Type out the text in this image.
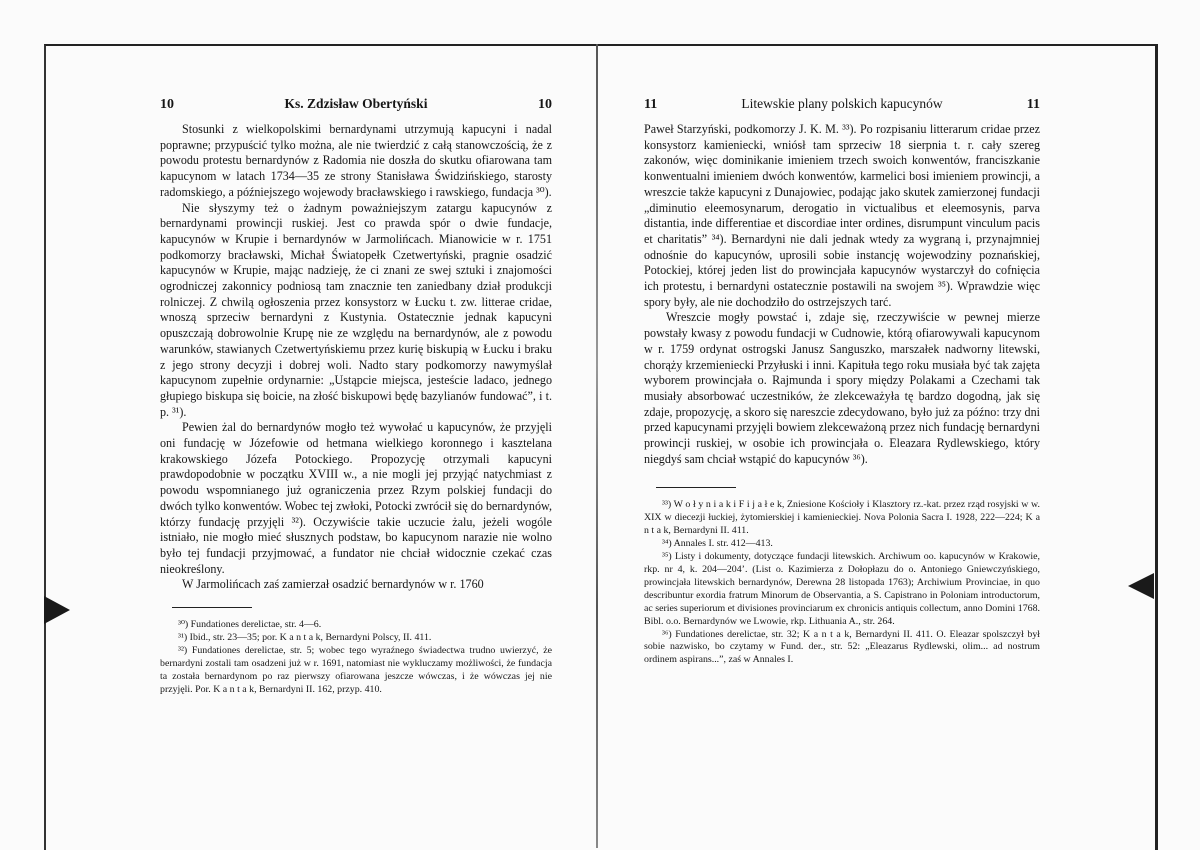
10	Ks. Zdzisław Obertyński	10

Stosunki z wielkopolskimi bernardynami utrzymują kapucyni i nadal poprawne; przypuścić tylko można, ale nie twierdzić z całą stanowczością, że z powodu protestu bernardynów z Radomia nie doszła do skutku ofiarowana tam kapucynom w latach 1734—35 ze strony Stanisława Świdzińskiego, starosty radomskiego, a późniejszego wojewody bracławskiego i rawskiego, fundacja ³⁰).

Nie słyszymy też o żadnym poważniejszym zatargu kapucynów z bernardynami prowincji ruskiej. Jest co prawda spór o dwie fundacje, kapucynów w Krupie i bernardynów w Jarmolińcach. Mianowicie w r. 1751 podkomorzy bracławski, Michał Światopełk Czetwertyński, pragnie osadzić kapucynów w Krupie, mając nadzieję, że ci znani ze swej sztuki i znajomości ogrodniczej zakonnicy podniosą tam znacznie ten zaniedbany dział produkcji rolniczej. Z chwilą ogłoszenia przez konsystorz w Łucku t. zw. litterae cridae, wnoszą sprzeciw bernardyni z Kustynia. Ostatecznie jednak kapucyni opuszczają dobrowolnie Krupę nie ze względu na bernardynów, ale z powodu warunków, stawianych Czetwertyńskiemu przez kurię biskupią w Łucku i braku z jego strony decyzji i dobrej woli. Nadto stary podkomorzy nawymyślał kapucynom zupełnie ordynarnie: „Ustąpcie miejsca, jesteście ladaco, jednego głupiego biskupa się boicie, na złość biskupowi będę bazylianów fundować”, i t. p. ³¹).

Pewien żal do bernardynów mogło też wywołać u kapucynów, że przyjęli oni fundację w Józefowie od hetmana wielkiego koronnego i kasztelana krakowskiego Józefa Potockiego. Propozycję otrzymali kapucyni prawdopodobnie w początku XVIII w., a nie mogli jej przyjąć natychmiast z powodu wspomnianego już ograniczenia przez Rzym polskiej fundacji do dwóch tylko konwentów. Wobec tej zwłoki, Potocki zwrócił się do bernardynów, którzy fundację przyjęli ³²). Oczywiście takie uczucie żalu, jeżeli wogóle istniało, nie mogło mieć słusznych podstaw, bo kapucynom narazie nie wolno było tej fundacji przyjmować, a fundator nie chciał widocznie czekać czas nieokreślony.

W Jarmolińcach zaś zamierzał osadzić bernardynów w r. 1760

³⁰) Fundationes derelictae, str. 4—6.

³¹) Ibid., str. 23—35; por. K a n t a k, Bernardyni Polscy, II. 411.

³²) Fundationes derelictae, str. 5; wobec tego wyraźnego świadectwa trudno uwierzyć, że bernardyni zostali tam osadzeni już w r. 1691, natomiast nie wykluczamy możliwości, że fundacja ta została bernardynom po raz pierwszy ofiarowana jeszcze wówczas, i że wówczas jej nie przyjęli. Por. K a n t a k, Bernardyni II. 162, przyp. 410.

11	Litewskie plany polskich kapucynów	11

Paweł Starzyński, podkomorzy J. K. M. ³³). Po rozpisaniu litterarum cridae przez konsystorz kamieniecki, wniósł tam sprzeciw 18 sierpnia t. r. cały szereg zakonów, więc dominikanie imieniem trzech swoich konwentów, franciszkanie konwentualni imieniem dwóch konwentów, karmelici bosi imieniem prowincji, a wreszcie także kapucyni z Dunajowiec, podając jako skutek zamierzonej fundacji „diminutio eleemosynarum, derogatio in victualibus et eleemosynis, parva distantia, inde differentiae et discordiae inter ordines, disrumpunt vinculum pacis et charitatis” ³⁴). Bernardyni nie dali jednak wtedy za wygraną i, przynajmniej odnośnie do kapucynów, uprosili sobie instancję wojewodziny poznańskiej, Potockiej, której jeden list do prowincjała kapucynów wystarczył do cofnięcia ich protestu, i bernardyni ostatecznie postawili na swojem ³⁵). Wprawdzie więc spory były, ale nie dochodziło do ostrzejszych tarć.

Wreszcie mogły powstać i, zdaje się, rzeczywiście w pewnej mierze powstały kwasy z powodu fundacji w Cudnowie, którą ofiarowywali kapucynom w r. 1759 ordynat ostrogski Janusz Sanguszko, marszałek nadworny litewski, chorąży krzemieniecki Przyłuski i inni. Kapituła tego roku musiała być tak zajęta wyborem prowincjała o. Rajmunda i spory między Polakami a Czechami tak musiały absorbować uczestników, że zlekceważyła tę bardzo dogodną, jak się zdaje, propozycję, a skoro się nareszcie zdecydowano, było już za późno: trzy dni przed kapucynami przyjęli bowiem zlekceważoną przez nich fundację bernardyni prowincji ruskiej, w osobie ich prowincjała o. Eleazara Rydlewskiego, który niegdyś sam chciał wstąpić do kapucynów ³⁶).

³³) W o ł y n i a k i F i j a ł e k, Zniesione Kościoły i Klasztory rz.-kat. przez rząd rosyjski w w. XIX w diecezji łuckiej, żytomierskiej i kamienieckiej. Nova Polonia Sacra I. 1928, 222—224; K a n t a k, Bernardyni II. 411.

³⁴) Annales I. str. 412—413.

³⁵) Listy i dokumenty, dotyczące fundacji litewskich. Archiwum oo. kapucynów w Krakowie, rkp. nr 4, k. 204—204’. (List o. Kazimierza z Dołopłazu do o. Antoniego Gniewczyńskiego, prowincjała litewskich bernardynów, Derewna 28 listopada 1763); Archiwium Provinciae, in quo describuntur exordia fratrum Minorum de Observantia, a S. Capistrano in Poloniam introductorum, ac series superiorum et divisiones provinciarum ex chronicis antiquis collectum, anno Domini 1768. Bibl. o.o. Bernardynów we Lwowie, rkp. Lithuania A., str. 264.

³⁶) Fundationes derelictae, str. 32; K a n t a k, Bernardyni II. 411. O. Eleazar spolszczył był sobie nazwisko, bo czytamy w Fund. der., str. 52: „Eleazarus Rydlewski, olim... ad nostrum ordinem aspirans...”, zaś w Annales I.
